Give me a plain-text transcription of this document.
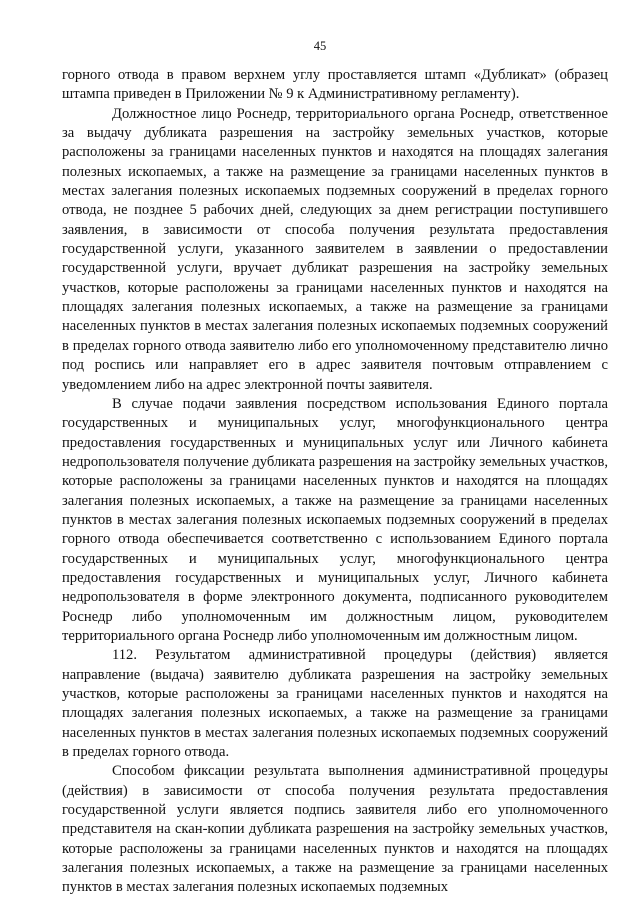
45

горного отвода в правом верхнем углу проставляется штамп «Дубликат» (образец штампа приведен в Приложении № 9 к Административному регламенту).

Должностное лицо Роснедр, территориального органа Роснедр, ответственное за выдачу дубликата разрешения на застройку земельных участков, которые расположены за границами населенных пунктов и находятся на площадях залегания полезных ископаемых, а также на размещение за границами населенных пунктов в местах залегания полезных ископаемых подземных сооружений в пределах горного отвода, не позднее 5 рабочих дней, следующих за днем регистрации поступившего заявления, в зависимости от способа получения результата предоставления государственной услуги, указанного заявителем в заявлении о предоставлении государственной услуги, вручает дубликат разрешения на застройку земельных участков, которые расположены за границами населенных пунктов и находятся на площадях залегания полезных ископаемых, а также на размещение за границами населенных пунктов в местах залегания полезных ископаемых подземных сооружений в пределах горного отвода заявителю либо его уполномоченному представителю лично под роспись или направляет его в адрес заявителя почтовым отправлением с уведомлением либо на адрес электронной почты заявителя.

В случае подачи заявления посредством использования Единого портала государственных и муниципальных услуг, многофункционального центра предоставления государственных и муниципальных услуг или Личного кабинета недропользователя получение дубликата разрешения на застройку земельных участков, которые расположены за границами населенных пунктов и находятся на площадях залегания полезных ископаемых, а также на размещение за границами населенных пунктов в местах залегания полезных ископаемых подземных сооружений в пределах горного отвода обеспечивается соответственно с использованием Единого портала государственных и муниципальных услуг, многофункционального центра предоставления государственных и муниципальных услуг, Личного кабинета недропользователя в форме электронного документа, подписанного руководителем Роснедр либо уполномоченным им должностным лицом, руководителем территориального органа Роснедр либо уполномоченным им должностным лицом.

112. Результатом административной процедуры (действия) является направление (выдача) заявителю дубликата разрешения на застройку земельных участков, которые расположены за границами населенных пунктов и находятся на площадях залегания полезных ископаемых, а также на размещение за границами населенных пунктов в местах залегания полезных ископаемых подземных сооружений в пределах горного отвода.

Способом фиксации результата выполнения административной процедуры (действия) в зависимости от способа получения результата предоставления государственной услуги является подпись заявителя либо его уполномоченного представителя на скан-копии дубликата разрешения на застройку земельных участков, которые расположены за границами населенных пунктов и находятся на площадях залегания полезных ископаемых, а также на размещение за границами населенных пунктов в местах залегания полезных ископаемых подземных
